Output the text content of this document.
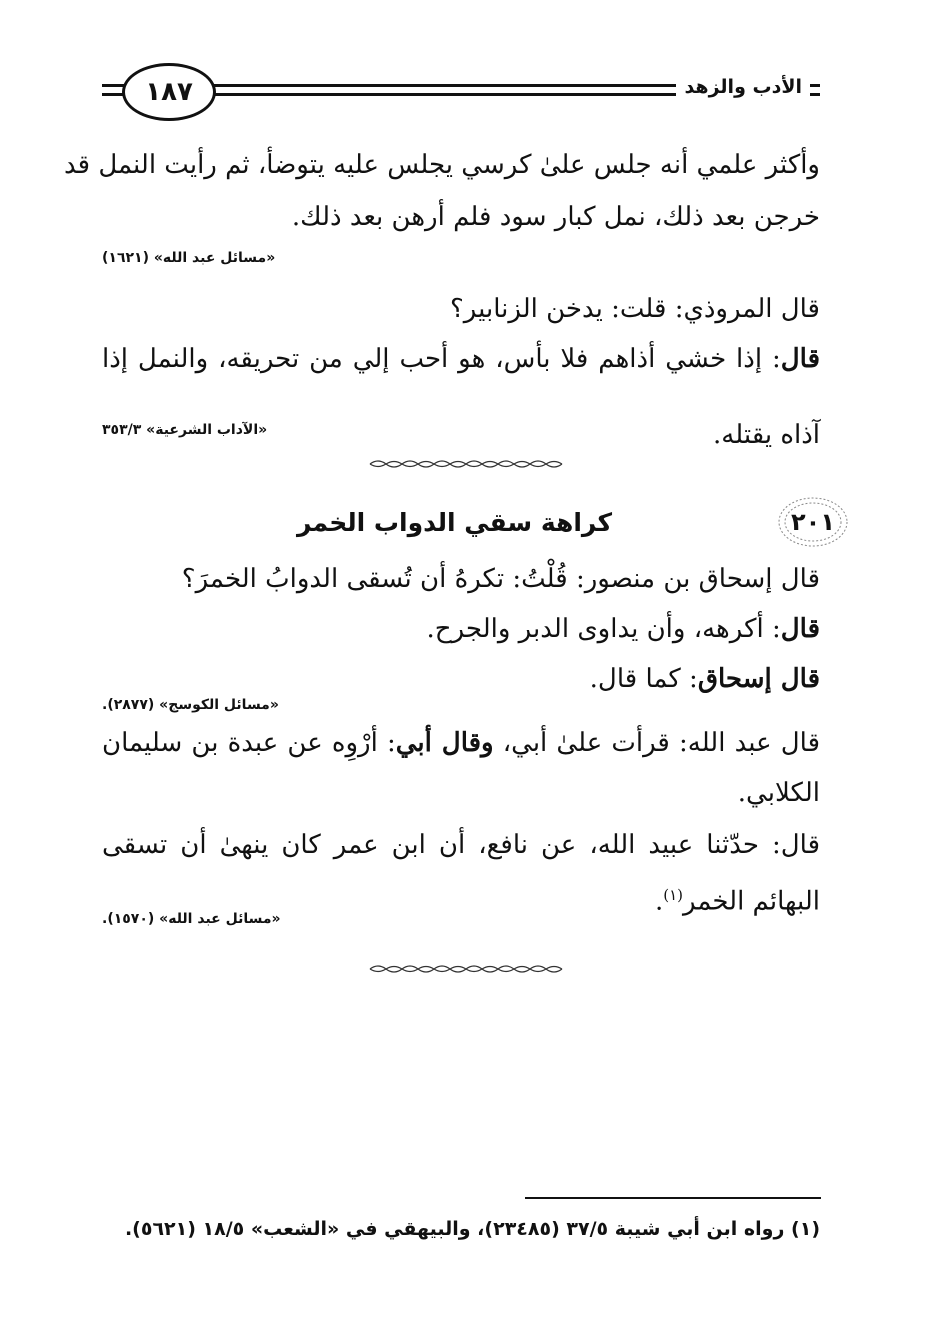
الأدب والزهد
١٨٧
وأكثر علمي أنه جلس علىٰ كرسي يجلس عليه يتوضأ، ثم رأيت النمل قد
خرجن بعد ذلك، نمل كبار سود فلم أرهن بعد ذلك.
«مسائل عبد الله» (١٦٢١)
قال المروذي: قلت: يدخن الزنابير؟
قال: إذا خشي أذاهم فلا بأس، هو أحب إلي من تحريقه، والنمل إذا
آذاه يقتله.
«الآداب الشرعية» ٣٥٣/٣
٢٠١
كراهة سقي الدواب الخمر
قال إسحاق بن منصور: قُلْتُ: تكرهُ أن تُسقى الدوابُ الخمرَ؟
قال: أكرهه، وأن يداوى الدبر والجرح.
قال إسحاق: كما قال.
«مسائل الكوسج» (٢٨٧٧).
قال عبد الله: قرأت علىٰ أبي، وقال أبي: أرْوِه عن عبدة بن سليمان
الكلابي.
قال: حدّثنا عبيد الله، عن نافع، أن ابن عمر كان ينهىٰ أن تسقى
البهائم الخمر$^{(١)}$.
«مسائل عبد الله» (١٥٧٠).
(١) رواه ابن أبي شيبة ٣٧/٥ (٢٣٤٨٥)، والبيهقي في «الشعب» ١٨/٥ (٥٦٢١).
